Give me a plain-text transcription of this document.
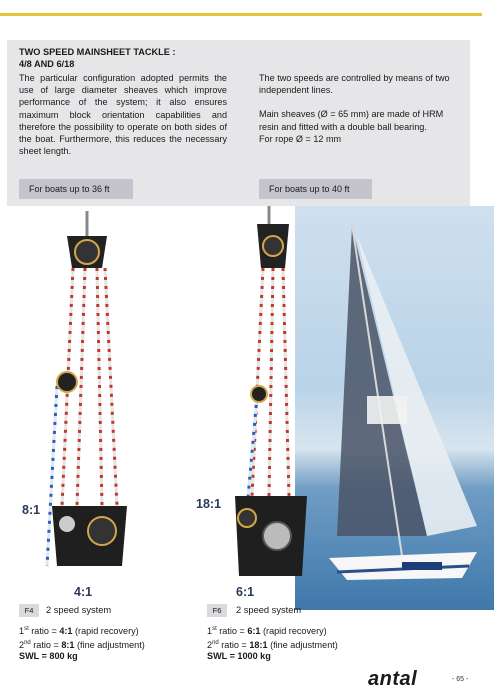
TWO SPEED MAINSHEET TACKLE :
4/8 AND 6/18

The particular configuration adopted permits the use of large diameter sheaves which improve performance of the system; it also ensures maximum block orientation capabilities and therefore the possibility to operate on both sides of the boat. Furthermore, this reduces the necessary sheet length.

The two speeds are controlled by means of two independent lines.

Main sheaves (Ø = 65 mm) are made of HRM resin and fitted with a double ball bearing.

For rope Ø = 12 mm

For boats up to 36 ft	For boats up to 40 ft
8:1
4:1
18:1
6:1
F4	2 speed system
1st ratio = 4:1 (rapid recovery)
2nd ratio = 8:1 (fine adjustment)
SWL = 800 kg
F6	2 speed system
1st ratio = 6:1 (rapid recovery)
2nd ratio = 18:1 (fine adjustment)
SWL = 1000 kg	Super Atax - Norlin
antal	- 65 -
